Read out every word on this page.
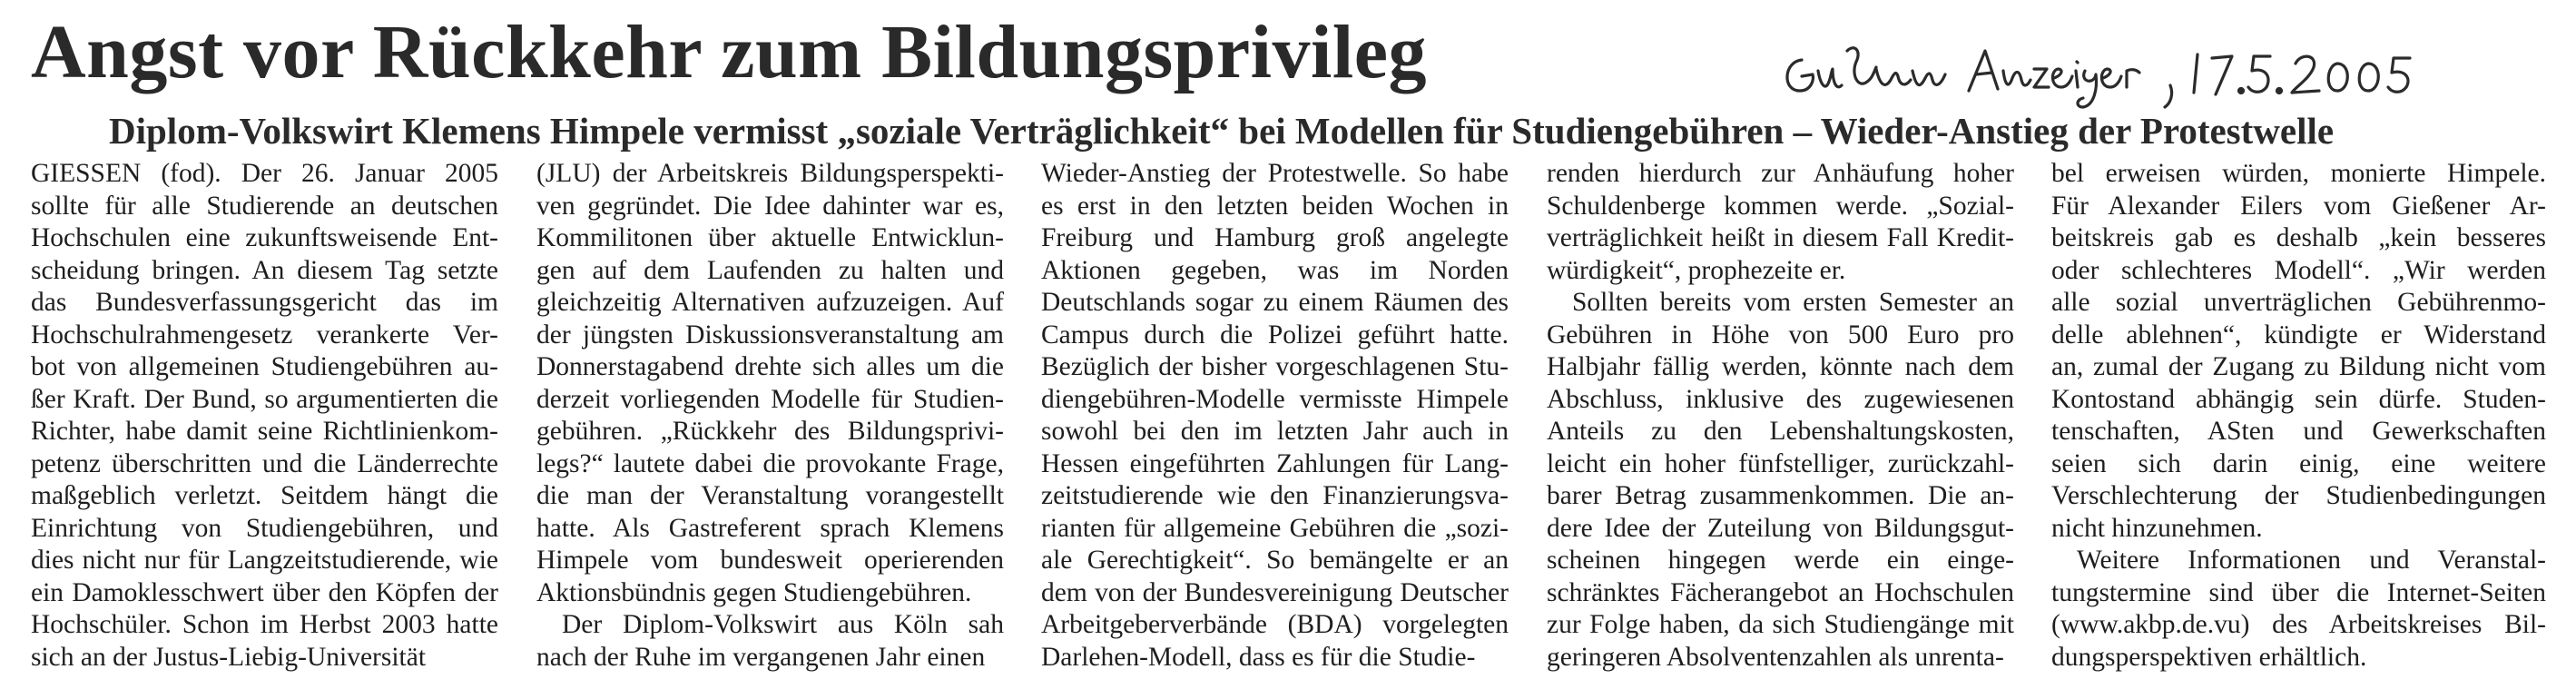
Angst vor Rückkehr zum Bildungsprivileg
Diplom-Volkswirt Klemens Himpele vermisst „soziale Verträglichkeit“ bei Modellen für Studiengebühren – Wieder-Anstieg der Protestwelle

GIESSEN (fod). Der 26. Januar 2005
sollte für alle Studierende an deutschen
Hochschulen eine zukunftsweisende Ent-
scheidung bringen. An diesem Tag setzte
das Bundesverfassungsgericht das im
Hochschulrahmengesetz verankerte Ver-
bot von allgemeinen Studiengebühren au-
ßer Kraft. Der Bund, so argumentierten die
Richter, habe damit seine Richtlinienkom-
petenz überschritten und die Länderrechte
maßgeblich verletzt. Seitdem hängt die
Einrichtung von Studiengebühren, und
dies nicht nur für Langzeitstudierende, wie
ein Damoklesschwert über den Köpfen der
Hochschüler. Schon im Herbst 2003 hatte
sich an der Justus-Liebig-Universität

(JLU) der Arbeitskreis Bildungsperspekti-
ven gegründet. Die Idee dahinter war es,
Kommilitonen über aktuelle Entwicklun-
gen auf dem Laufenden zu halten und
gleichzeitig Alternativen aufzuzeigen. Auf
der jüngsten Diskussionsveranstaltung am
Donnerstagabend drehte sich alles um die
derzeit vorliegenden Modelle für Studien-
gebühren. „Rückkehr des Bildungsprivi-
legs?“ lautete dabei die provokante Frage,
die man der Veranstaltung vorangestellt
hatte. Als Gastreferent sprach Klemens
Himpele vom bundesweit operierenden
Aktionsbündnis gegen Studiengebühren.
Der Diplom-Volkswirt aus Köln sah
nach der Ruhe im vergangenen Jahr einen

Wieder-Anstieg der Protestwelle. So habe
es erst in den letzten beiden Wochen in
Freiburg und Hamburg groß angelegte
Aktionen gegeben, was im Norden
Deutschlands sogar zu einem Räumen des
Campus durch die Polizei geführt hatte.
Bezüglich der bisher vorgeschlagenen Stu-
diengebühren-Modelle vermisste Himpele
sowohl bei den im letzten Jahr auch in
Hessen eingeführten Zahlungen für Lang-
zeitstudierende wie den Finanzierungsva-
rianten für allgemeine Gebühren die „sozi-
ale Gerechtigkeit“. So bemängelte er an
dem von der Bundesvereinigung Deutscher
Arbeitgeberverbände (BDA) vorgelegten
Darlehen-Modell, dass es für die Studie-

renden hierdurch zur Anhäufung hoher
Schuldenberge kommen werde. „Sozial-
verträglichkeit heißt in diesem Fall Kredit-
würdigkeit“, prophezeite er.
Sollten bereits vom ersten Semester an
Gebühren in Höhe von 500 Euro pro
Halbjahr fällig werden, könnte nach dem
Abschluss, inklusive des zugewiesenen
Anteils zu den Lebenshaltungskosten,
leicht ein hoher fünfstelliger, zurückzahl-
barer Betrag zusammenkommen. Die an-
dere Idee der Zuteilung von Bildungsgut-
scheinen hingegen werde ein einge-
schränktes Fächerangebot an Hochschulen
zur Folge haben, da sich Studiengänge mit
geringeren Absolventenzahlen als unrenta-

bel erweisen würden, monierte Himpele.
Für Alexander Eilers vom Gießener Ar-
beitskreis gab es deshalb „kein besseres
oder schlechteres Modell“. „Wir werden
alle sozial unverträglichen Gebührenmo-
delle ablehnen“, kündigte er Widerstand
an, zumal der Zugang zu Bildung nicht vom
Kontostand abhängig sein dürfe. Studen-
tenschaften, ASten und Gewerkschaften
seien sich darin einig, eine weitere
Verschlechterung der Studienbedingungen
nicht hinzunehmen.
Weitere Informationen und Veranstal-
tungstermine sind über die Internet-Seiten
(www.akbp.de.vu) des Arbeitskreises Bil-
dungsperspektiven erhältlich.
